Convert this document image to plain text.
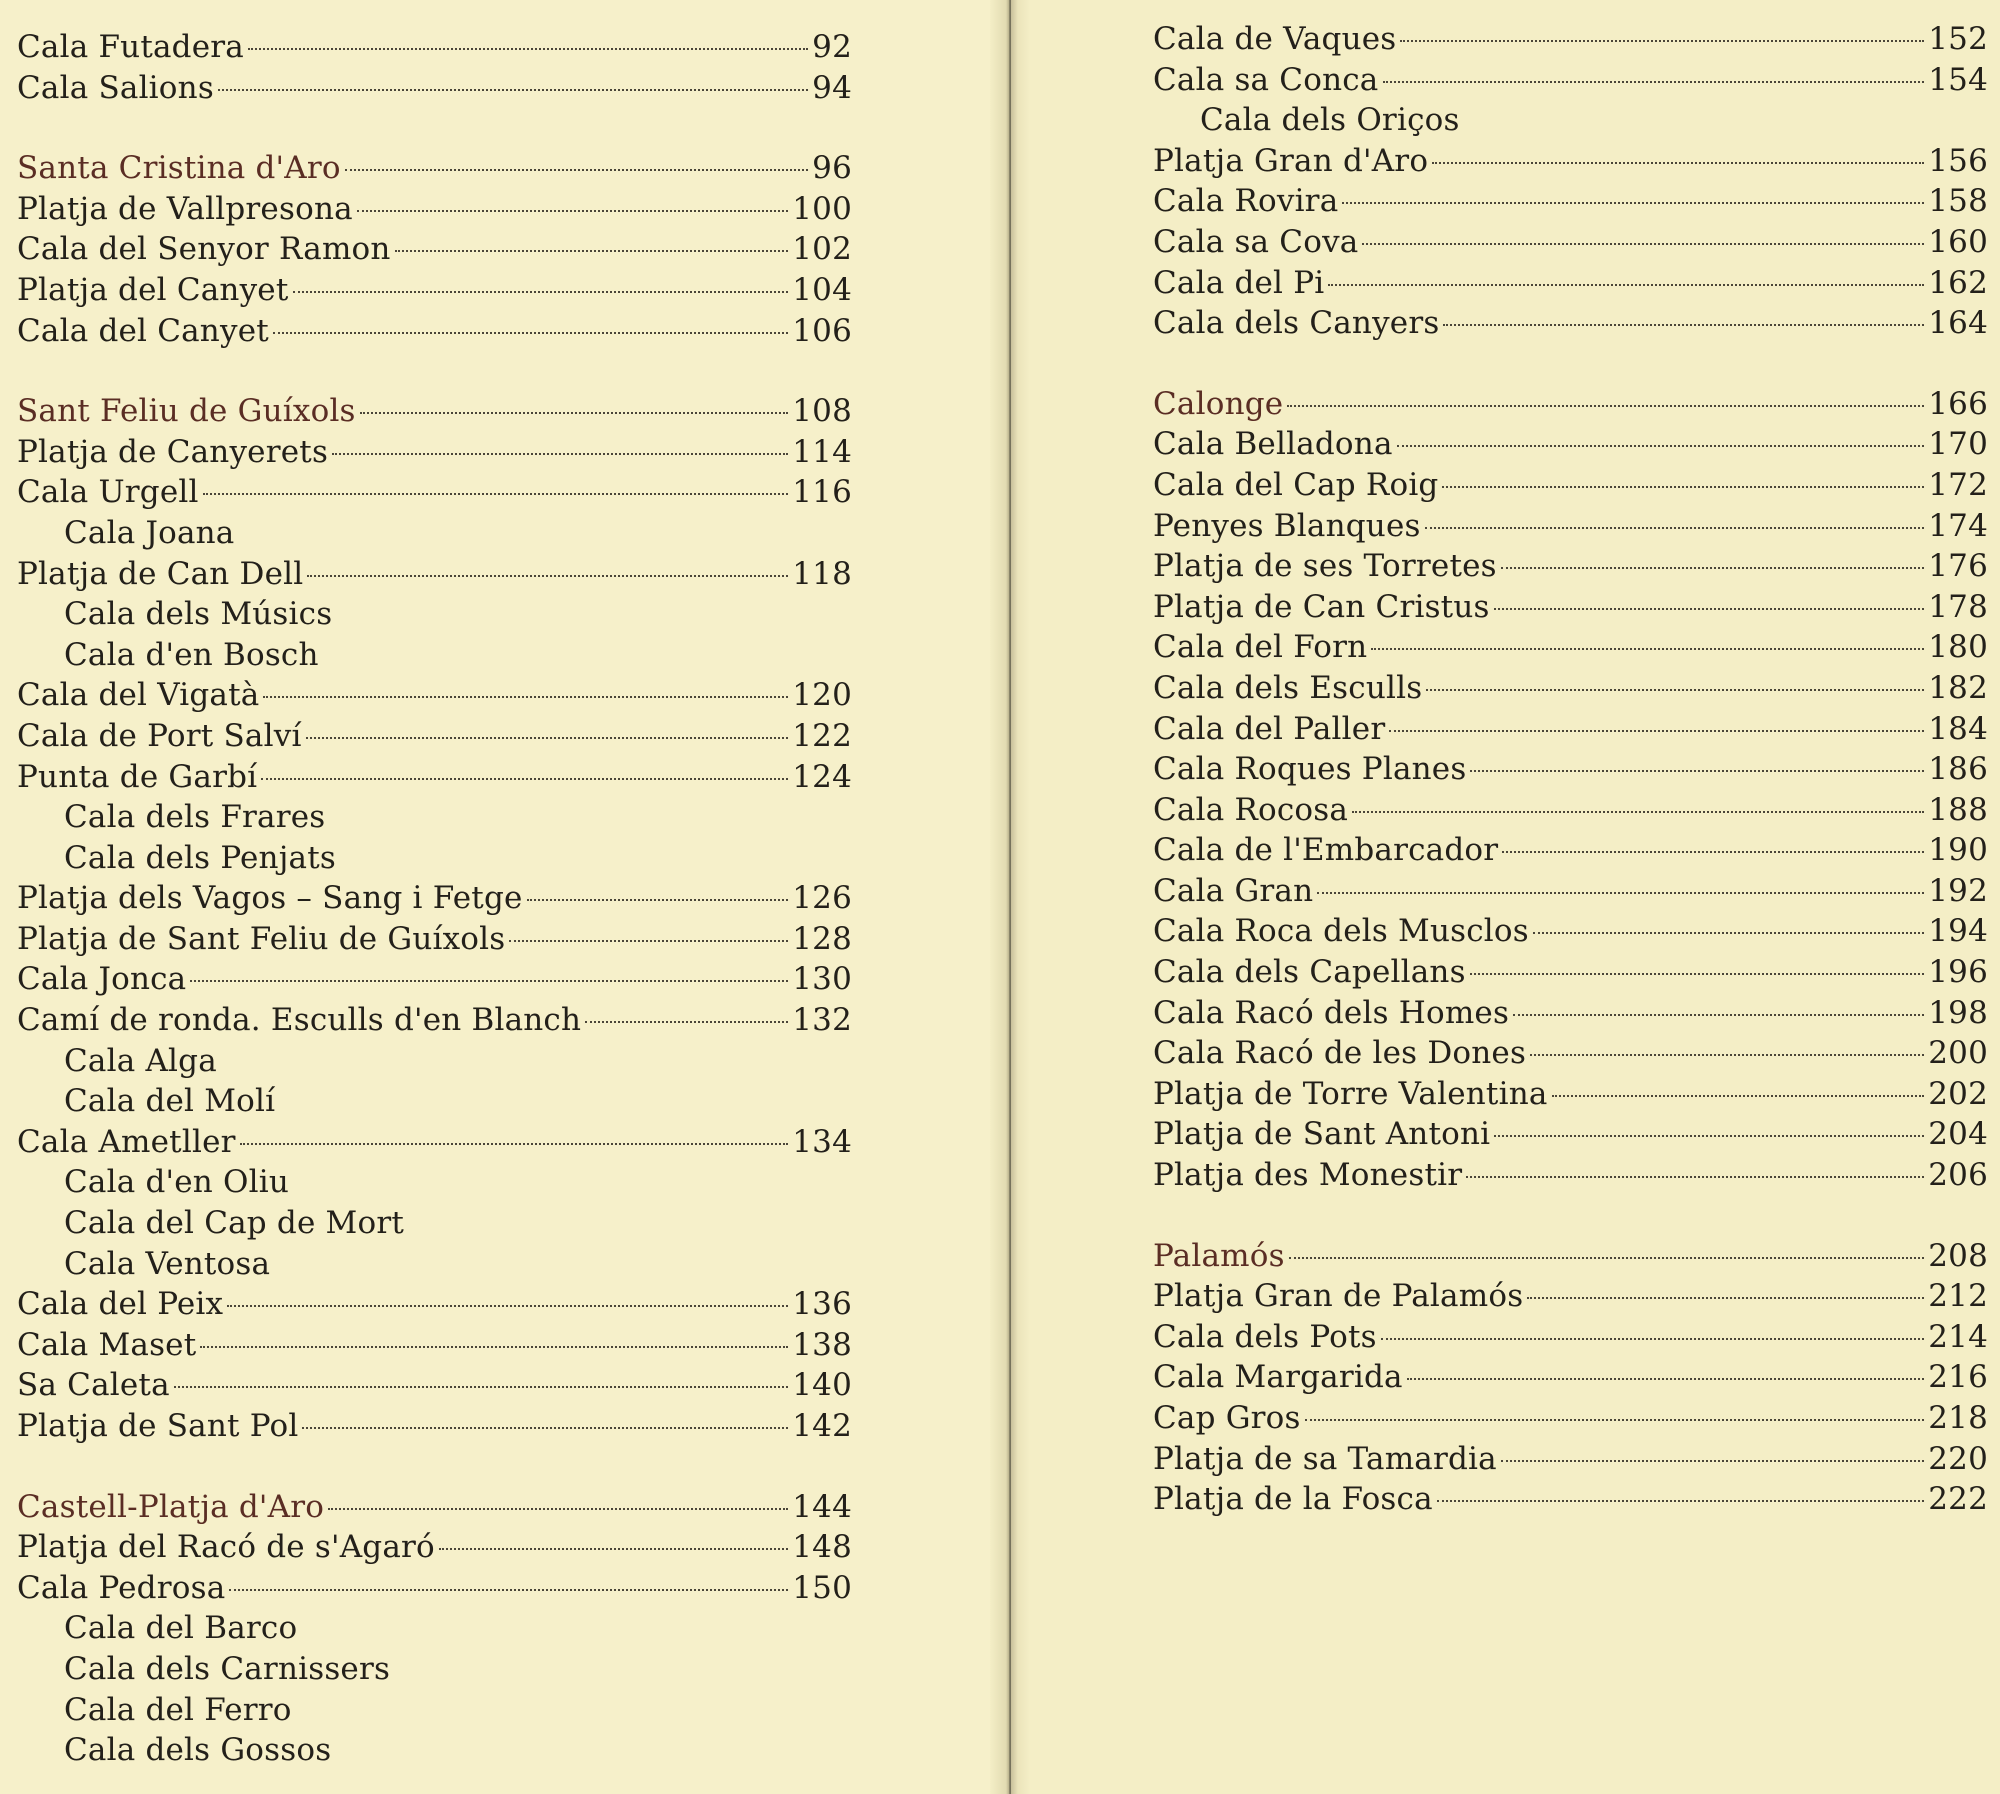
Cala Futadera	92
Cala Salions	94
Santa Cristina d'Aro	96
Platja de Vallpresona	100
Cala del Senyor Ramon	102
Platja del Canyet	104
Cala del Canyet	106
Sant Feliu de Guíxols	108
Platja de Canyerets	114
Cala Urgell	116
Cala Joana
Platja de Can Dell	118
Cala dels Músics
Cala d'en Bosch
Cala del Vigatà	120
Cala de Port Salví	122
Punta de Garbí	124
Cala dels Frares
Cala dels Penjats
Platja dels Vagos – Sang i Fetge	126
Platja de Sant Feliu de Guíxols	128
Cala Jonca	130
Camí de ronda. Esculls d'en Blanch	132
Cala Alga
Cala del Molí
Cala Ametller	134
Cala d'en Oliu
Cala del Cap de Mort
Cala Ventosa
Cala del Peix	136
Cala Maset	138
Sa Caleta	140
Platja de Sant Pol	142
Castell-Platja d'Aro	144
Platja del Racó de s'Agaró	148
Cala Pedrosa	150
Cala del Barco
Cala dels Carnissers
Cala del Ferro
Cala dels Gossos
Cala de Vaques	152
Cala sa Conca	154
Cala dels Oriços
Platja Gran d'Aro	156
Cala Rovira	158
Cala sa Cova	160
Cala del Pi	162
Cala dels Canyers	164
Calonge	166
Cala Belladona	170
Cala del Cap Roig	172
Penyes Blanques	174
Platja de ses Torretes	176
Platja de Can Cristus	178
Cala del Forn	180
Cala dels Esculls	182
Cala del Paller	184
Cala Roques Planes	186
Cala Rocosa	188
Cala de l'Embarcador	190
Cala Gran	192
Cala Roca dels Musclos	194
Cala dels Capellans	196
Cala Racó dels Homes	198
Cala Racó de les Dones	200
Platja de Torre Valentina	202
Platja de Sant Antoni	204
Platja des Monestir	206
Palamós	208
Platja Gran de Palamós	212
Cala dels Pots	214
Cala Margarida	216
Cap Gros	218
Platja de sa Tamardia	220
Platja de la Fosca	222
